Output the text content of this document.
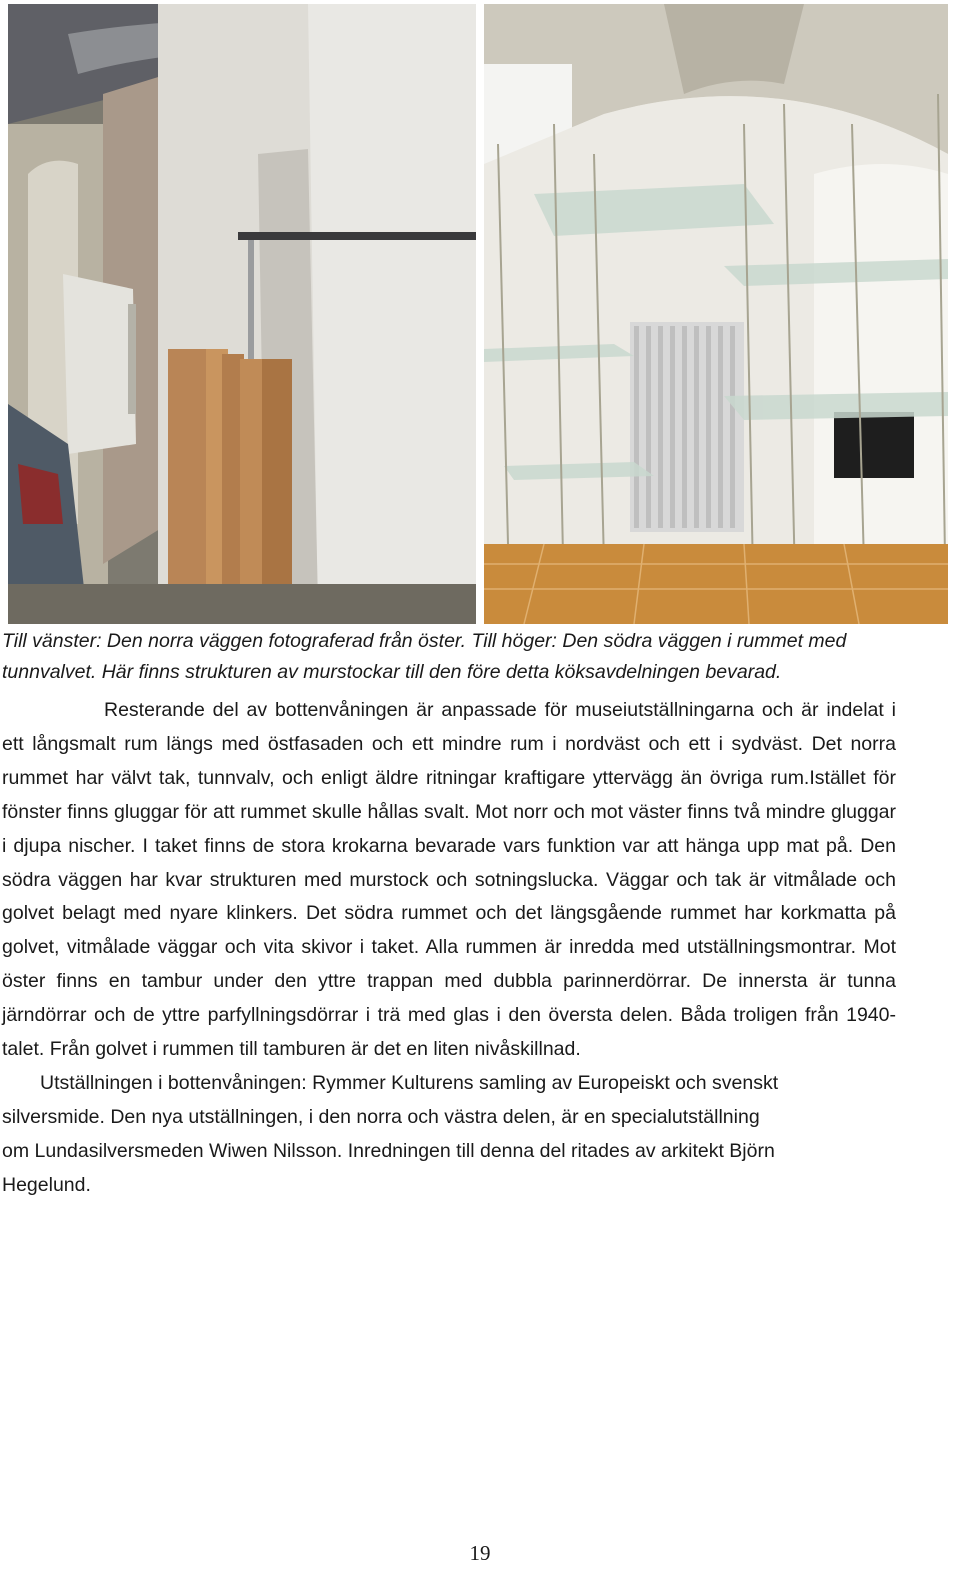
Till vänster: Den norra väggen fotograferad från öster. Till höger: Den södra väggen i rummet med

tunnvalvet. Här finns strukturen av murstockar till den före detta köksavdelningen bevarad.

Resterande del av bottenvåningen är anpassade för museiutställningarna och är indelat i ett långsmalt rum längs med östfasaden och ett mindre rum i nordväst och ett i sydväst. Det norra rummet har välvt tak, tunnvalv, och enligt äldre ritningar kraftigare yttervägg än övriga rum.Istället för fönster finns gluggar för att rummet skulle hållas svalt. Mot norr och mot väster finns två mindre gluggar i djupa nischer. I taket finns de stora krokarna bevarade vars funktion var att hänga upp mat på. Den södra väggen har kvar strukturen med murstock och sotningslucka. Väggar och tak är vitmålade och golvet belagt med nyare klinkers. Det södra rummet och det längsgående rummet har korkmatta på golvet, vitmålade väggar och vita skivor i taket. Alla rummen är inredda med utställningsmontrar. Mot öster finns en tambur under den yttre trappan med dubbla parinnerdörrar. De innersta är tunna järndörrar och de yttre parfyllningsdörrar i trä med glas i den översta delen. Båda troligen från 1940-talet. Från golvet i rummen till tamburen är det en liten nivåskillnad.

Utställningen i bottenvåningen: Rymmer Kulturens samling av Europeiskt och svenskt
silversmide. Den nya utställningen, i den norra och västra delen, är en specialutställning
om Lundasilversmeden Wiwen Nilsson. Inredningen till denna del ritades av arkitekt Björn
Hegelund.

19
